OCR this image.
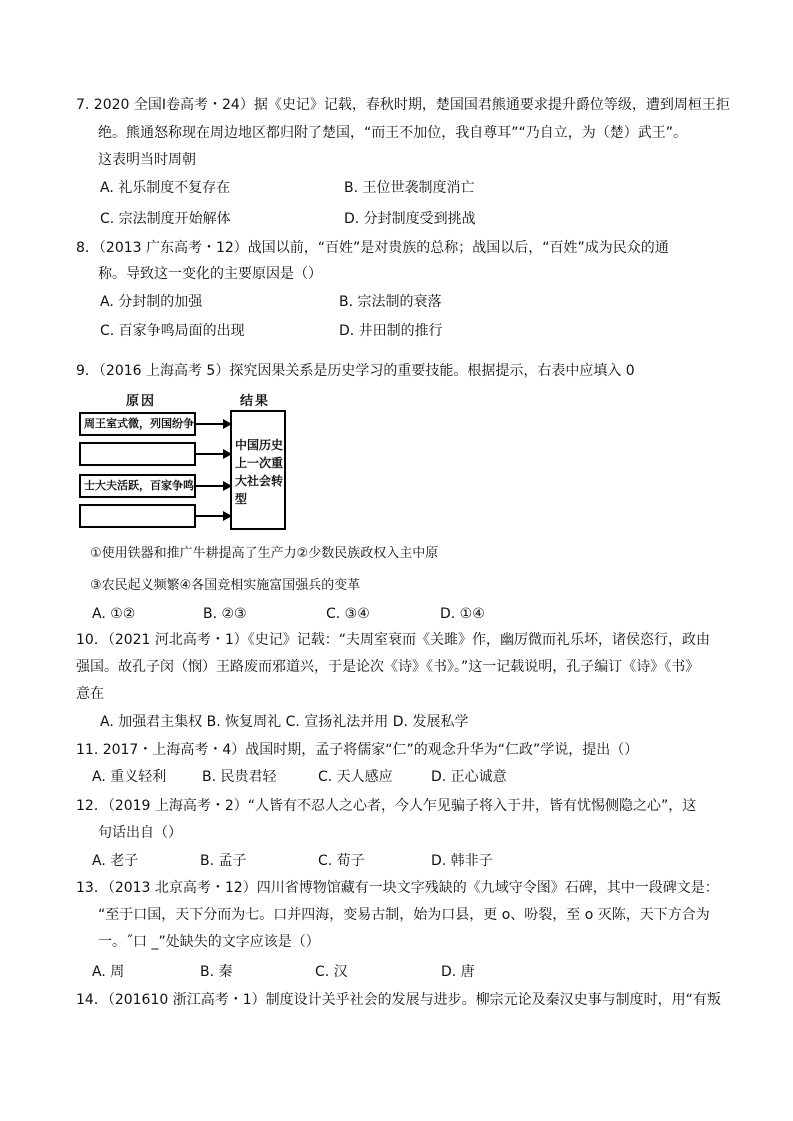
7. 2020 全国Ⅰ卷高考・24）据《史记》记载，春秋时期，楚国国君熊通要求提升爵位等级，遭到周桓王拒
绝。熊通怒称现在周边地区都归附了楚国，“而王不加位，我自尊耳”“乃自立，为（楚）武王”。
这表明当时周朝
A. 礼乐制度不复存在	B. 王位世袭制度消亡
C. 宗法制度开始解体	D. 分封制度受到挑战
8．（2013 广东高考・12）战国以前，“百姓”是对贵族的总称；战国以后，“百姓”成为民众的通
称。导致这一变化的主要原因是（）
A. 分封制的加强	B. 宗法制的衰落
C. 百家争鸣局面的出现	D. 井田制的推行
9．（2016 上海高考 5）探究因果关系是历史学习的重要技能。根据提示，右表中应填入 0
原因	结果
周王室式微，列国纷争
士大夫活跃，百家争鸣
中国历史上一次重大社会转型
①使用铁器和推广牛耕提高了生产力②少数民族政权入主中原
③农民起义频繁④各国竞相实施富国强兵的变革
A. ①②	B. ②③	C. ③④	D. ①④
10．（2021 河北高考・1）《史记》记载：“夫周室衰而《关雎》作，幽厉微而礼乐坏，诸侯恣行，政由
强国。故孔子闵（悯）王路废而邪道兴，于是论次《诗》《书》。”这一记载说明，孔子编订《诗》《书》
意在
A. 加强君主集权 B. 恢复周礼 C. 宣扬礼法并用 D. 发展私学
11. 2017・上海高考・4）战国时期，孟子将儒家“仁”的观念升华为“仁政”学说，提出（）
A. 重义轻利	B. 民贵君轻	C. 天人感应	D. 正心诚意
12．（2019 上海高考・2）“人皆有不忍人之心者，今人乍见骗子将入于井，皆有忧惕侧隐之心”，这
句话出自（）
A. 老子	B. 孟子	C. 荀子	D. 韩非子
13．（2013 北京高考・12）四川省博物馆藏有一块文字残缺的《九域守令图》石碑，其中一段碑文是：
“至于口国，天下分而为七。口并四海，变易古制，始为口县，更 o、吩裂，至 o 灭陈，天下方合为
一。˝口 _”处缺失的文字应该是（）
A. 周	B. 秦	C. 汉	D. 唐
14．（201610 浙江高考・1）制度设计关乎社会的发展与进步。柳宗元论及秦汉史事与制度时，用“有叛
